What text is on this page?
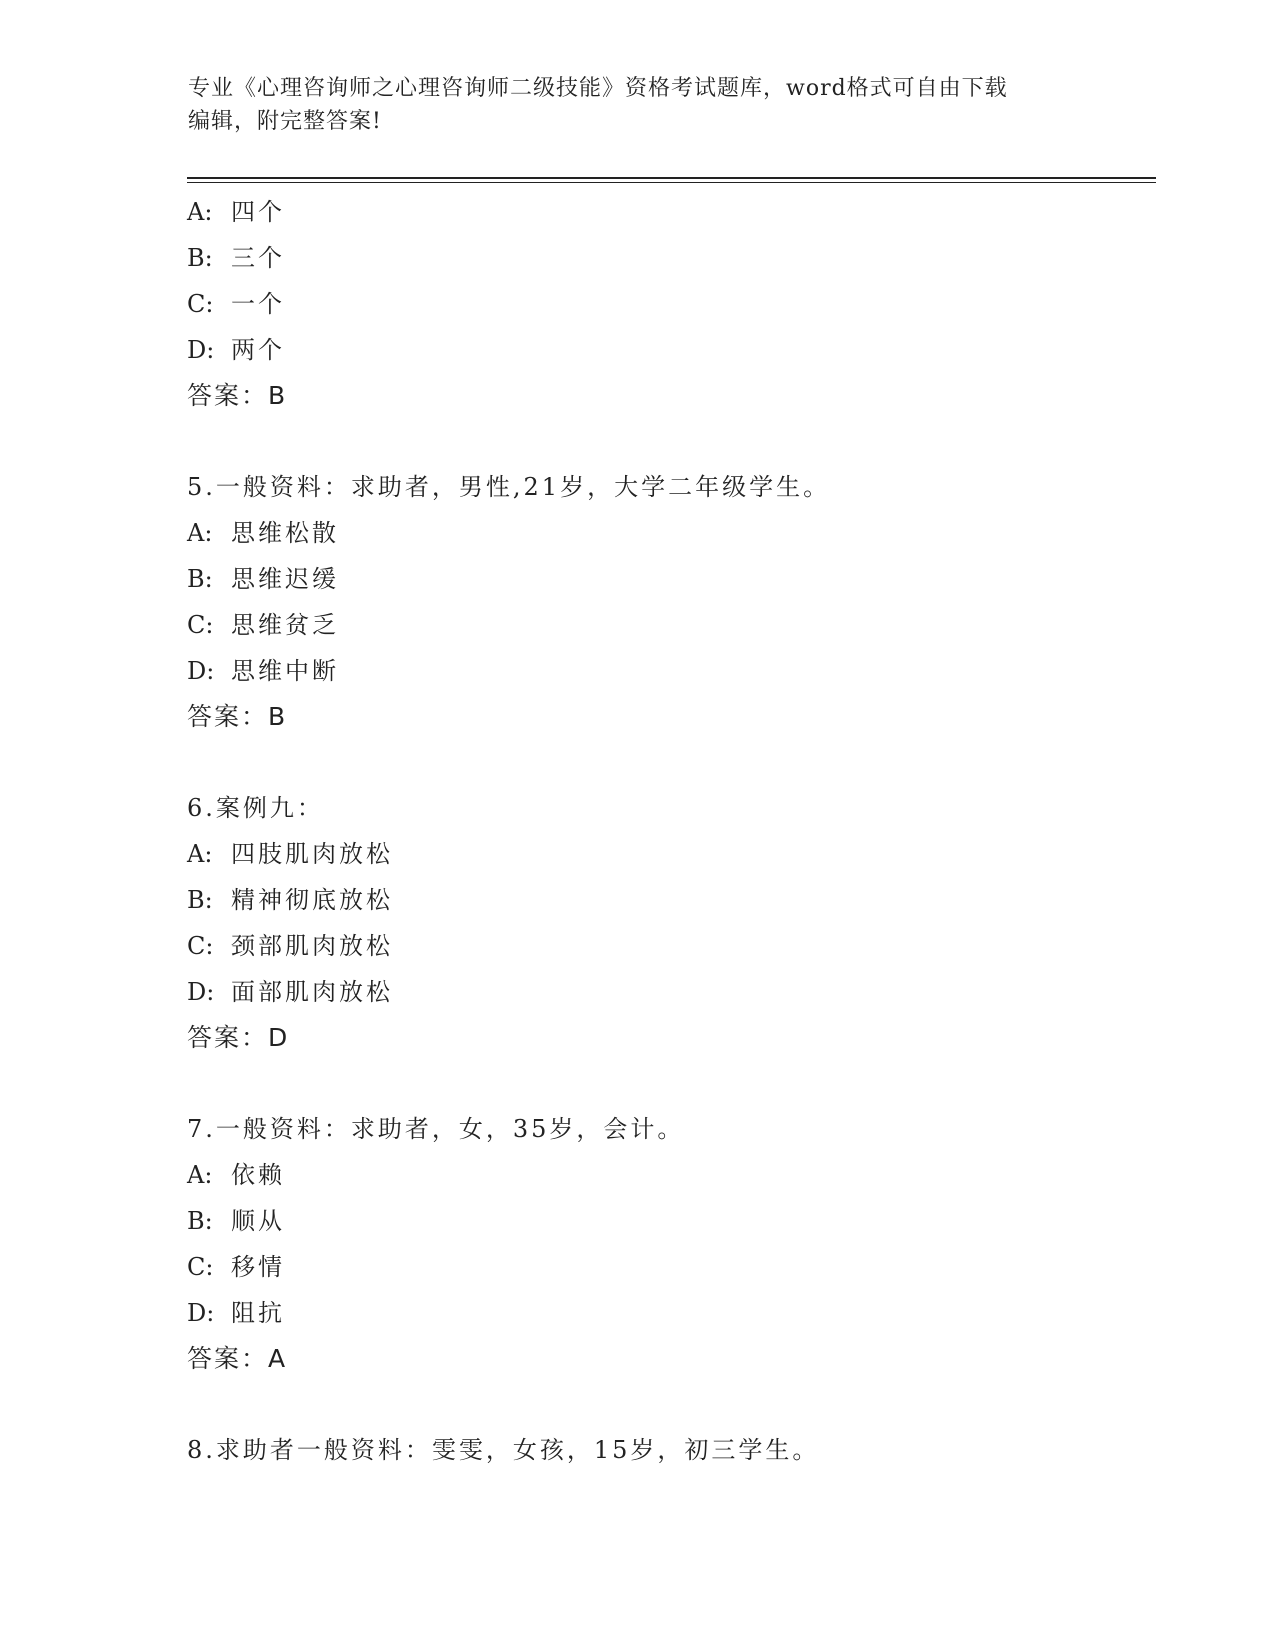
专业《心理咨询师之心理咨询师二级技能》资格考试题库，word格式可自由下载
编辑，附完整答案!
A: 四个
B: 三个
C: 一个
D: 两个
答案：B
5.一般资料：求助者，男性,21岁，大学二年级学生。
A: 思维松散
B: 思维迟缓
C: 思维贫乏
D: 思维中断
答案：B
6.案例九：
A: 四肢肌肉放松
B: 精神彻底放松
C: 颈部肌肉放松
D: 面部肌肉放松
答案：D
7.一般资料：求助者，女，35岁，会计。
A: 依赖
B: 顺从
C: 移情
D: 阻抗
答案：A
8.求助者一般资料：雯雯，女孩，15岁，初三学生。
